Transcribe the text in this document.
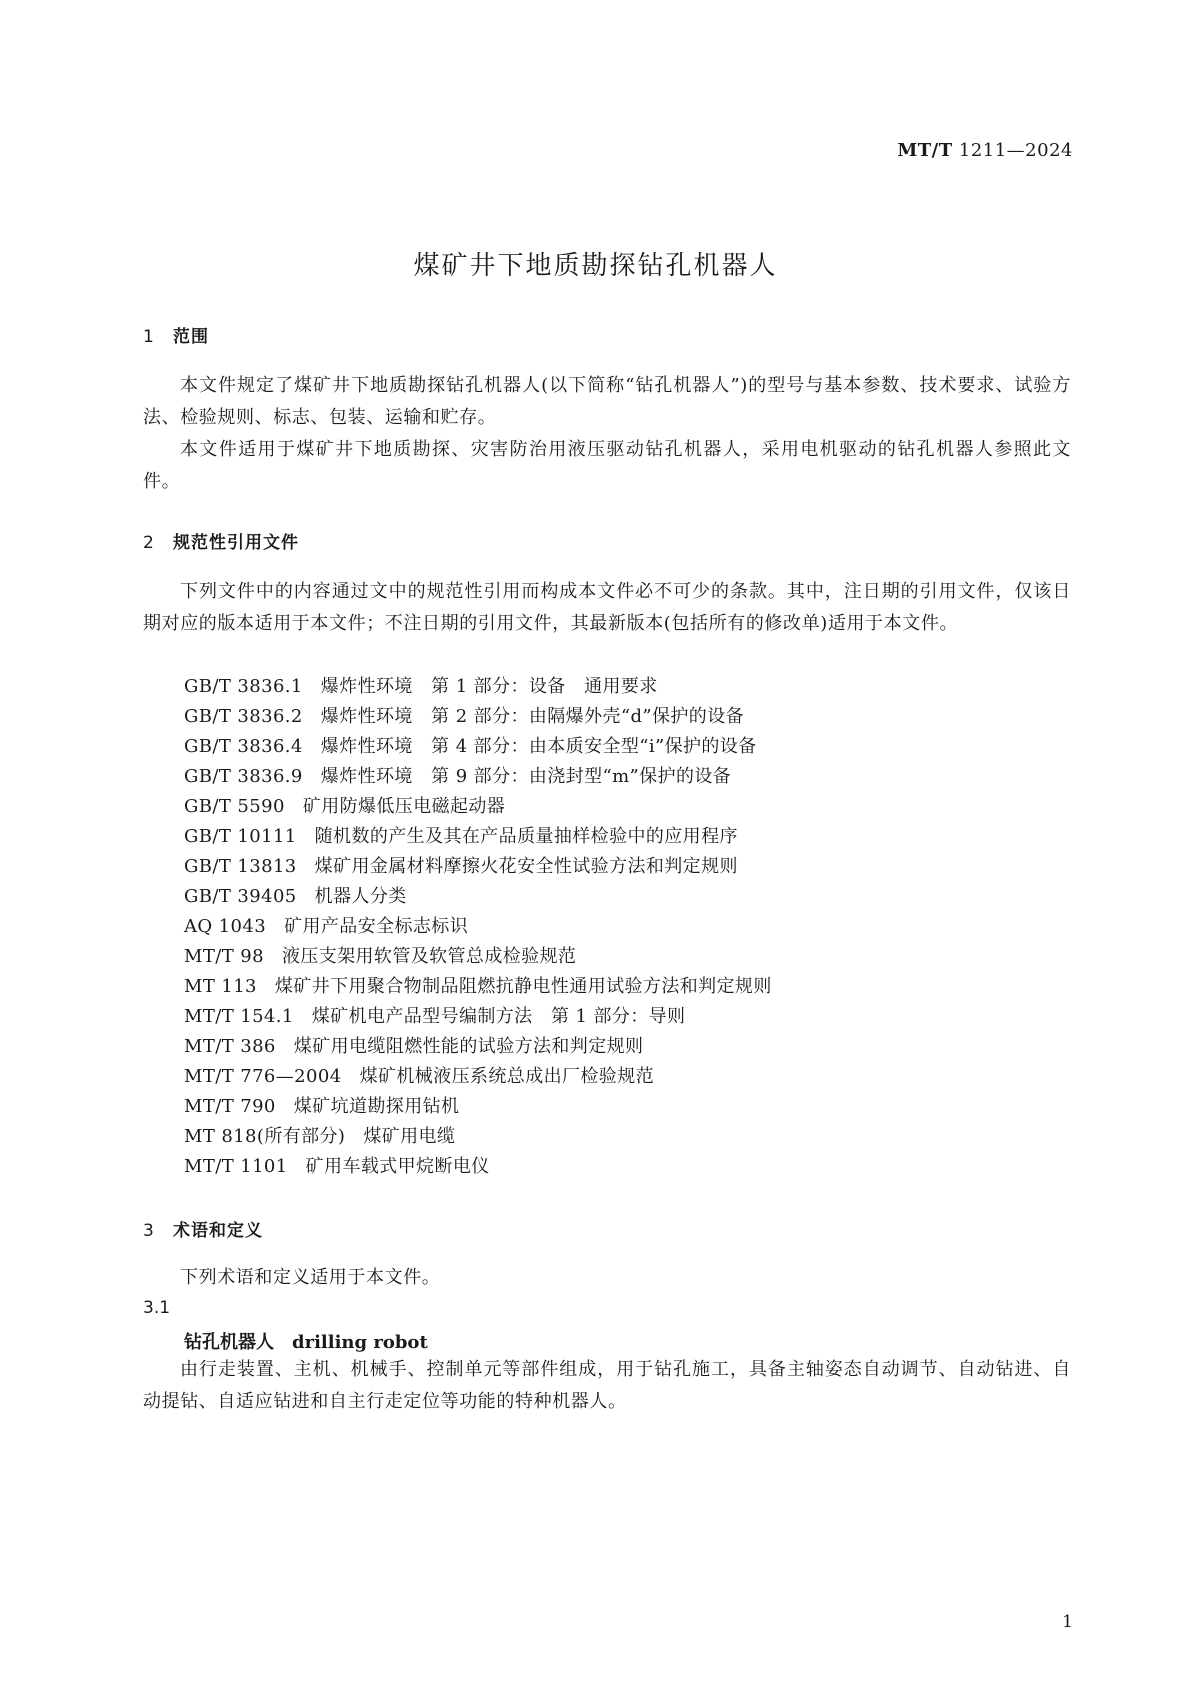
MT/T 1211—2024
煤矿井下地质勘探钻孔机器人
1 范围
本文件规定了煤矿井下地质勘探钻孔机器人(以下简称“钻孔机器人”)的型号与基本参数、技术要求、试验方法、检验规则、标志、包装、运输和贮存。
本文件适用于煤矿井下地质勘探、灾害防治用液压驱动钻孔机器人，采用电机驱动的钻孔机器人参照此文件。
2 规范性引用文件
下列文件中的内容通过文中的规范性引用而构成本文件必不可少的条款。其中，注日期的引用文件，仅该日期对应的版本适用于本文件；不注日期的引用文件，其最新版本(包括所有的修改单)适用于本文件。
GB/T 3836.1 爆炸性环境　第 1 部分：设备　通用要求
GB/T 3836.2 爆炸性环境　第 2 部分：由隔爆外壳“d”保护的设备
GB/T 3836.4 爆炸性环境　第 4 部分：由本质安全型“i”保护的设备
GB/T 3836.9 爆炸性环境　第 9 部分：由浇封型“m”保护的设备
GB/T 5590 矿用防爆低压电磁起动器
GB/T 10111 随机数的产生及其在产品质量抽样检验中的应用程序
GB/T 13813 煤矿用金属材料摩擦火花安全性试验方法和判定规则
GB/T 39405 机器人分类
AQ 1043 矿用产品安全标志标识
MT/T 98 液压支架用软管及软管总成检验规范
MT 113 煤矿井下用聚合物制品阻燃抗静电性通用试验方法和判定规则
MT/T 154.1 煤矿机电产品型号编制方法　第 1 部分：导则
MT/T 386 煤矿用电缆阻燃性能的试验方法和判定规则
MT/T 776—2004 煤矿机械液压系统总成出厂检验规范
MT/T 790 煤矿坑道勘探用钻机
MT 818(所有部分) 煤矿用电缆
MT/T 1101 矿用车载式甲烷断电仪
3 术语和定义
下列术语和定义适用于本文件。
3.1
钻孔机器人 drilling robot
由行走装置、主机、机械手、控制单元等部件组成，用于钻孔施工，具备主轴姿态自动调节、自动钻进、自动提钻、自适应钻进和自主行走定位等功能的特种机器人。
1
